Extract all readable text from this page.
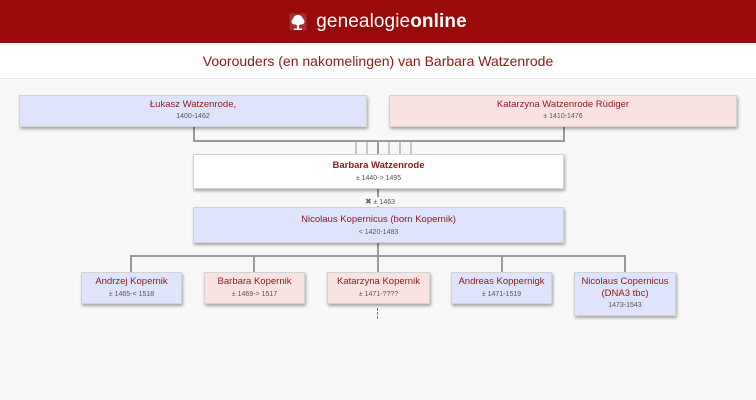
genealogieonline
Voorouders (en nakomelingen) van Barbara Watzenrode
Łukasz Watzenrode,
1400-1462
Katarzyna Watzenrode Rüdiger
± 1410-1476
Barbara Watzenrode
± 1440-> 1495
✖ ± 1463
Nicolaus Kopernicus (born Kopernik)
< 1420-1483
Andrzej Kopernik
± 1465-< 1518
Barbara Kopernik
± 1469-> 1517
Katarzyna Kopernik
± 1471-????
Andreas Koppernigk
± 1471-1519
Nicolaus Copernicus (DNA3 tbc)
1473-1543
